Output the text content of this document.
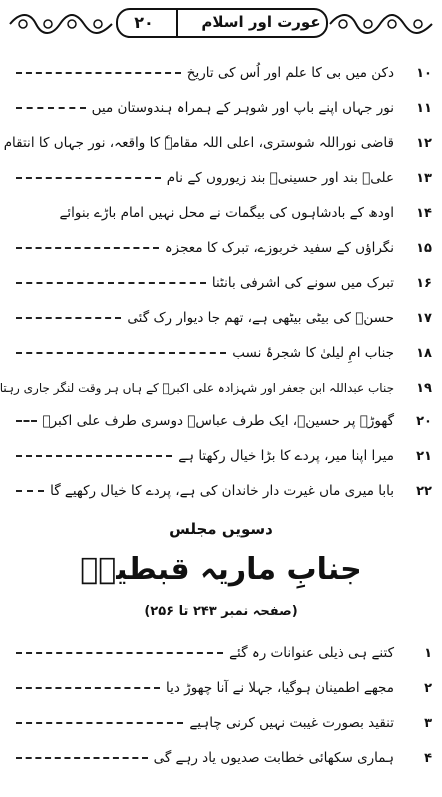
۲۰	عورت اور اسلام
۱۰
دکن میں بی کا علم اور اُس کی تاریخ
۱۱
نور جہاں اپنے باپ اور شوہر کے ہمراہ ہندوستان میں
۱۲
قاضی نوراللہ شوستری، اعلی اللہ مقامہٗ کا واقعہ، نور جہاں کا انتقام
۱۳
علیؑ بند اور حسینیؑ بند زیوروں کے نام
۱۴
اودھ کے بادشاہوں کی بیگمات نے محل نہیں امام باڑے بنوائے
۱۵
نگراؤں کے سفید خربوزے، تبرک کا معجزہ
۱۶
تبرک میں سونے کی اشرفی بانٹنا
۱۷
حسنؑ کی بیٹی بیٹھی ہے، تھم جا دیوار رک گئی
۱۸
جناب امِ لیلیٰ کا شجرۂ نسب
۱۹
جناب عبداللہ ابن جعفر اور شہزادہ علی اکبرؑ کے ہاں ہر وقت لنگر جاری رہتا
۲۰
گھوڑے پر حسینؑ، ایک طرف عباسؑ دوسری طرف علی اکبرؑ
۲۱
میرا اپنا میر، پردے کا بڑا خیال رکھتا ہے
۲۲
بابا میری ماں غیرت دار خاندان کی ہے، پردے کا خیال رکھیے گا
دسویں مجلس
جنابِ ماریہ قبطیہؑ
(صفحہ نمبر ۲۴۳ تا ۲۵۶)
۱
کتنے ہی ذیلی عنوانات رہ گئے
۲
مجھے اطمینان ہوگیا، جہلا نے آنا چھوڑ دیا
۳
تنقید بصورت غیبت نہیں کرنی چاہیے
۴
ہماری سکھائی خطابت صدیوں یاد رہے گی
